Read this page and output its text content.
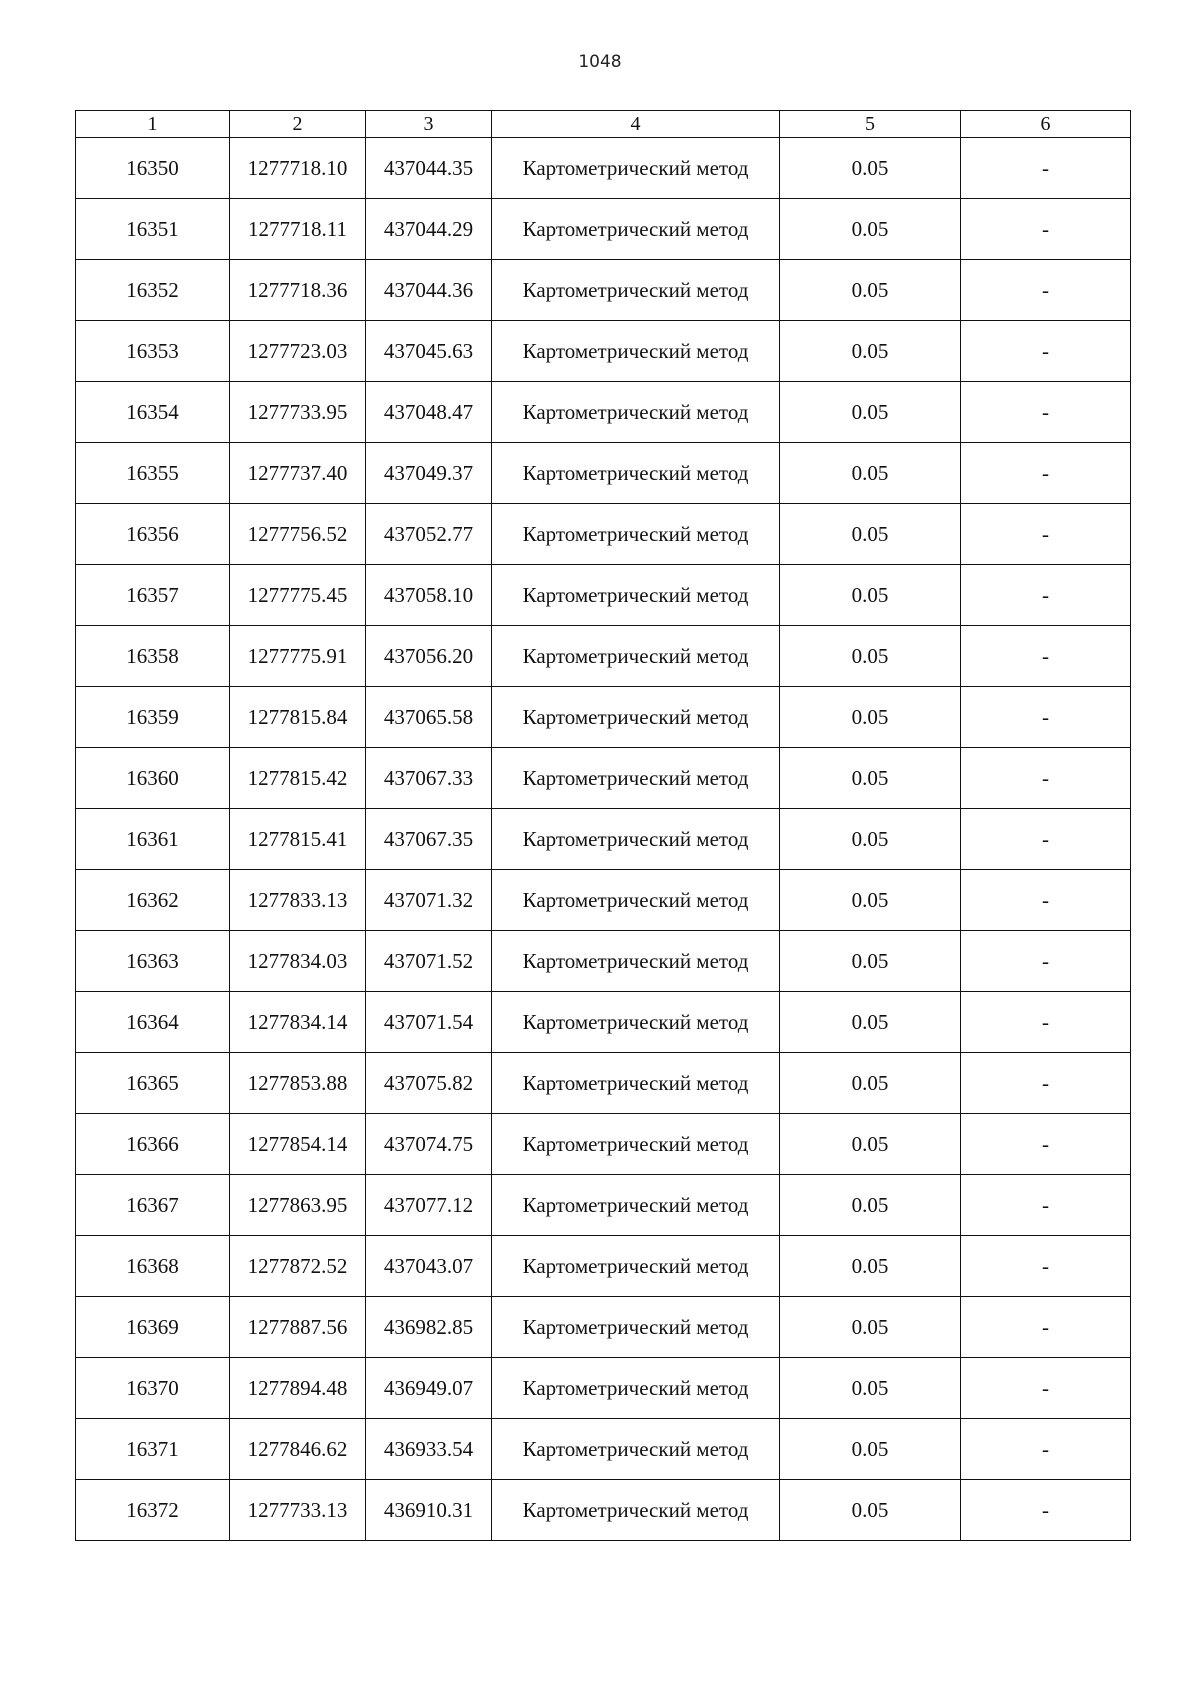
1048
1	2	3	4	5	6
16350	1277718.10	437044.35	Картометрический метод	0.05	-
16351	1277718.11	437044.29	Картометрический метод	0.05	-
16352	1277718.36	437044.36	Картометрический метод	0.05	-
16353	1277723.03	437045.63	Картометрический метод	0.05	-
16354	1277733.95	437048.47	Картометрический метод	0.05	-
16355	1277737.40	437049.37	Картометрический метод	0.05	-
16356	1277756.52	437052.77	Картометрический метод	0.05	-
16357	1277775.45	437058.10	Картометрический метод	0.05	-
16358	1277775.91	437056.20	Картометрический метод	0.05	-
16359	1277815.84	437065.58	Картометрический метод	0.05	-
16360	1277815.42	437067.33	Картометрический метод	0.05	-
16361	1277815.41	437067.35	Картометрический метод	0.05	-
16362	1277833.13	437071.32	Картометрический метод	0.05	-
16363	1277834.03	437071.52	Картометрический метод	0.05	-
16364	1277834.14	437071.54	Картометрический метод	0.05	-
16365	1277853.88	437075.82	Картометрический метод	0.05	-
16366	1277854.14	437074.75	Картометрический метод	0.05	-
16367	1277863.95	437077.12	Картометрический метод	0.05	-
16368	1277872.52	437043.07	Картометрический метод	0.05	-
16369	1277887.56	436982.85	Картометрический метод	0.05	-
16370	1277894.48	436949.07	Картометрический метод	0.05	-
16371	1277846.62	436933.54	Картометрический метод	0.05	-
16372	1277733.13	436910.31	Картометрический метод	0.05	-
